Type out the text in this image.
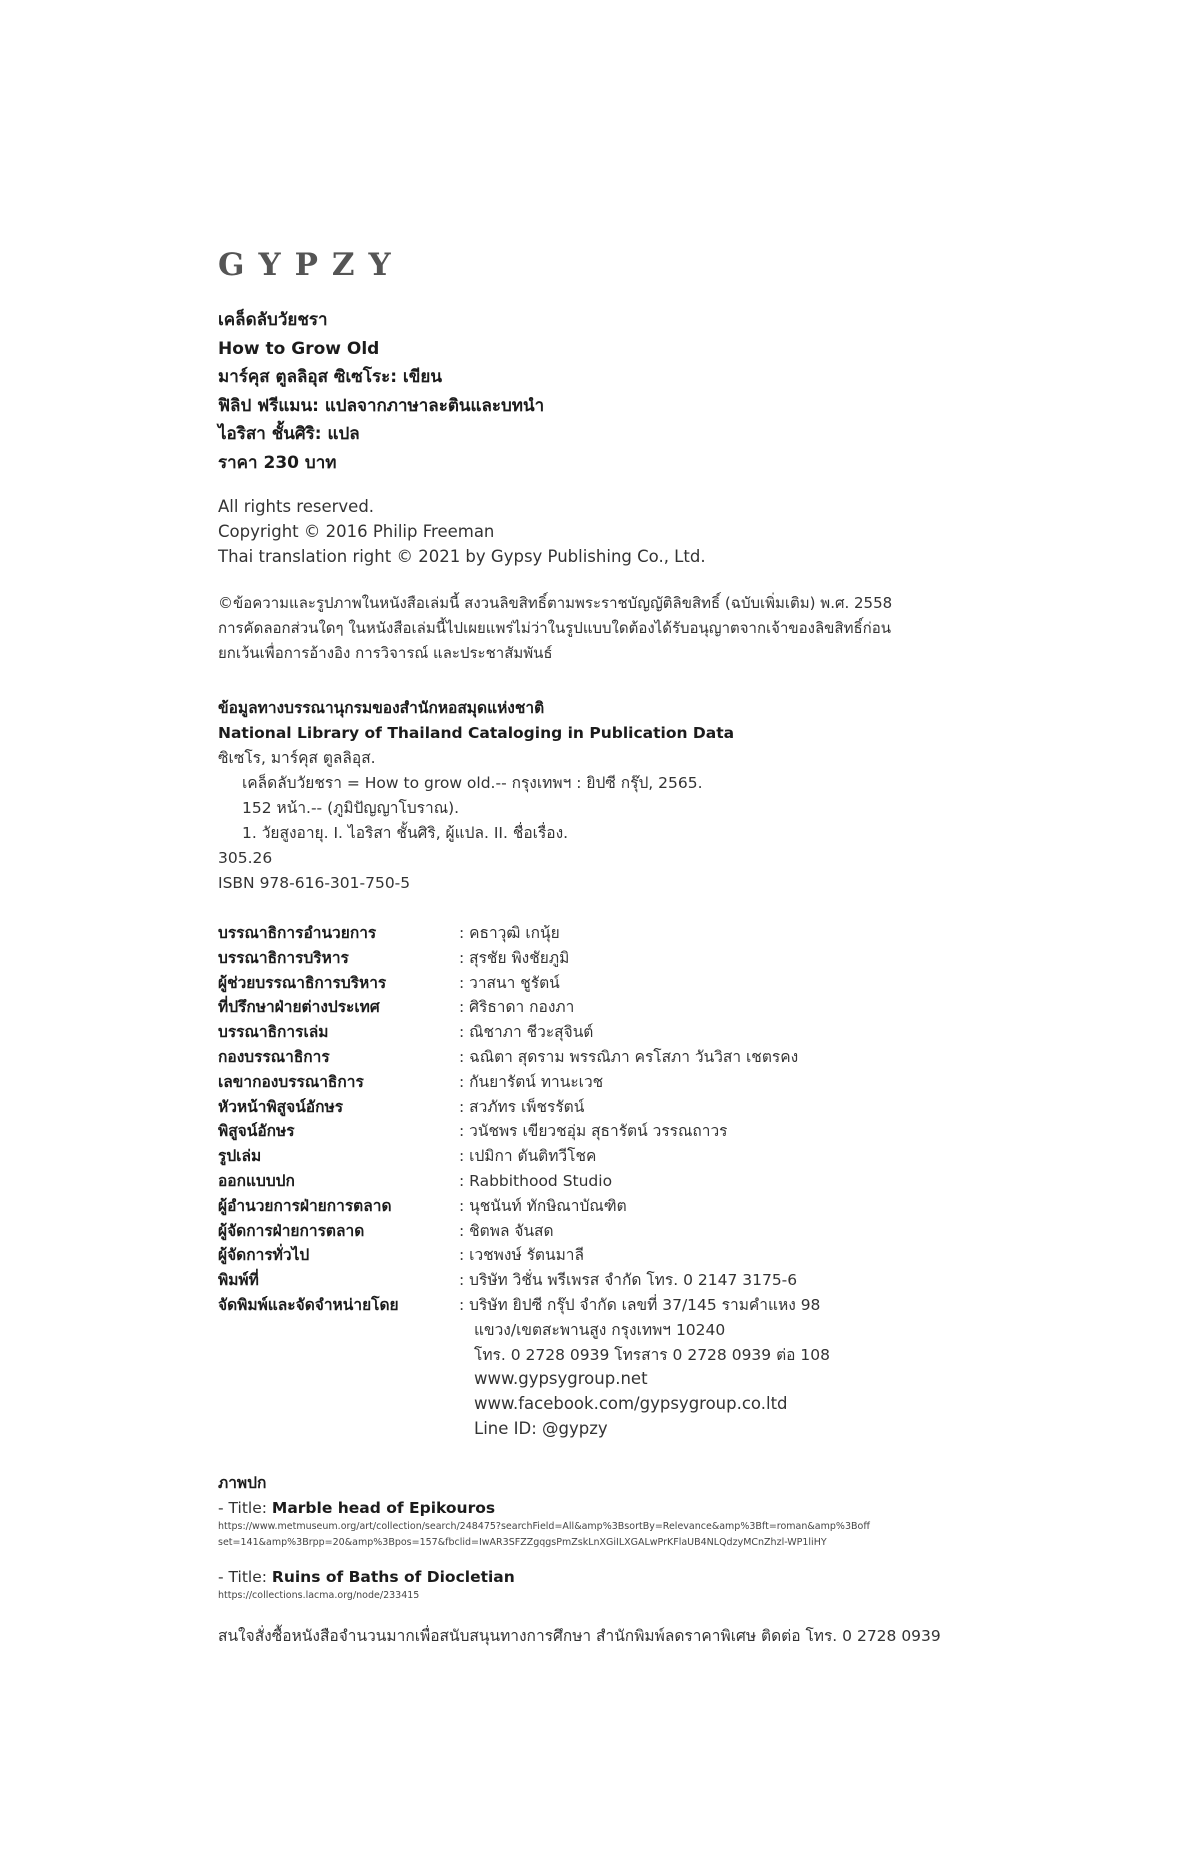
GYPZY
เคล็ดลับวัยชรา
How to Grow Old
มาร์คุส ตูลลิอุส ซิเซโระ: เขียน
ฟิลิป ฟรีแมน: แปลจากภาษาละตินและบทนำ
ไอริสา ชั้นศิริ: แปล
ราคา 230 บาท
All rights reserved.
Copyright © 2016 Philip Freeman
Thai translation right © 2021 by Gypsy Publishing Co., Ltd.
©ข้อความและรูปภาพในหนังสือเล่มนี้ สงวนลิขสิทธิ์ตามพระราชบัญญัติลิขสิทธิ์ (ฉบับเพิ่มเติม) พ.ศ. 2558
การคัดลอกส่วนใดๆ ในหนังสือเล่มนี้ไปเผยแพร่ไม่ว่าในรูปแบบใดต้องได้รับอนุญาตจากเจ้าของลิขสิทธิ์ก่อน
ยกเว้นเพื่อการอ้างอิง การวิจารณ์ และประชาสัมพันธ์
ข้อมูลทางบรรณานุกรมของสำนักหอสมุดแห่งชาติ
National Library of Thailand Cataloging in Publication Data
ซิเซโร, มาร์คุส ตูลลิอุส.
เคล็ดลับวัยชรา = How to grow old.-- กรุงเทพฯ : ยิปซี กรุ๊ป, 2565.
152 หน้า.-- (ภูมิปัญญาโบราณ).
1. วัยสูงอายุ. I. ไอริสา ชั้นศิริ, ผู้แปล. II. ชื่อเรื่อง.
305.26
ISBN 978-616-301-750-5
บรรณาธิการอำนวยการ	: คธาวุฒิ เกนุ้ย
บรรณาธิการบริหาร	: สุรชัย พิงชัยภูมิ
ผู้ช่วยบรรณาธิการบริหาร	: วาสนา ชูรัตน์
ที่ปรึกษาฝ่ายต่างประเทศ	: ศิริธาดา กองภา
บรรณาธิการเล่ม	: ณิชาภา ชีวะสุจินต์
กองบรรณาธิการ	: ฉณิตา สุดราม พรรณิภา ครโสภา วันวิสา เชตรคง
เลขากองบรรณาธิการ	: กันยารัตน์ ทานะเวช
หัวหน้าพิสูจน์อักษร	: สวภัทร เพ็ชรรัตน์
พิสูจน์อักษร	: วนัชพร เขียวชอุ่ม สุธารัตน์ วรรณถาวร
รูปเล่ม	: เปมิกา ตันติทวีโชค
ออกแบบปก	: Rabbithood Studio
ผู้อำนวยการฝ่ายการตลาด	: นุชนันท์ ทักษิณาบัณฑิต
ผู้จัดการฝ่ายการตลาด	: ชิตพล จันสด
ผู้จัดการทั่วไป	: เวชพงษ์ รัตนมาลี
พิมพ์ที่	: บริษัท วิชั่น พรีเพรส จำกัด โทร. 0 2147 3175-6
จัดพิมพ์และจัดจำหน่ายโดย	: บริษัท ยิปซี กรุ๊ป จำกัด เลขที่ 37/145 รามคำแหง 98
แขวง/เขตสะพานสูง กรุงเทพฯ 10240
โทร. 0 2728 0939 โทรสาร 0 2728 0939 ต่อ 108
www.gypsygroup.net
www.facebook.com/gypsygroup.co.ltd
Line ID: @gypzy
ภาพปก
- Title: Marble head of Epikouros
https://www.metmuseum.org/art/collection/search/248475?searchField=All&amp%3BsortBy=Relevance&amp%3Bft=roman&amp%3Boff
set=141&amp%3Brpp=20&amp%3Bpos=157&fbclid=IwAR3SFZZgqgsPmZskLnXGiILXGALwPrKFlaUB4NLQdzyMCnZhzl-WP1liHY
- Title: Ruins of Baths of Diocletian
https://collections.lacma.org/node/233415
สนใจสั่งซื้อหนังสือจำนวนมากเพื่อสนับสนุนทางการศึกษา สำนักพิมพ์ลดราคาพิเศษ ติดต่อ โทร. 0 2728 0939
